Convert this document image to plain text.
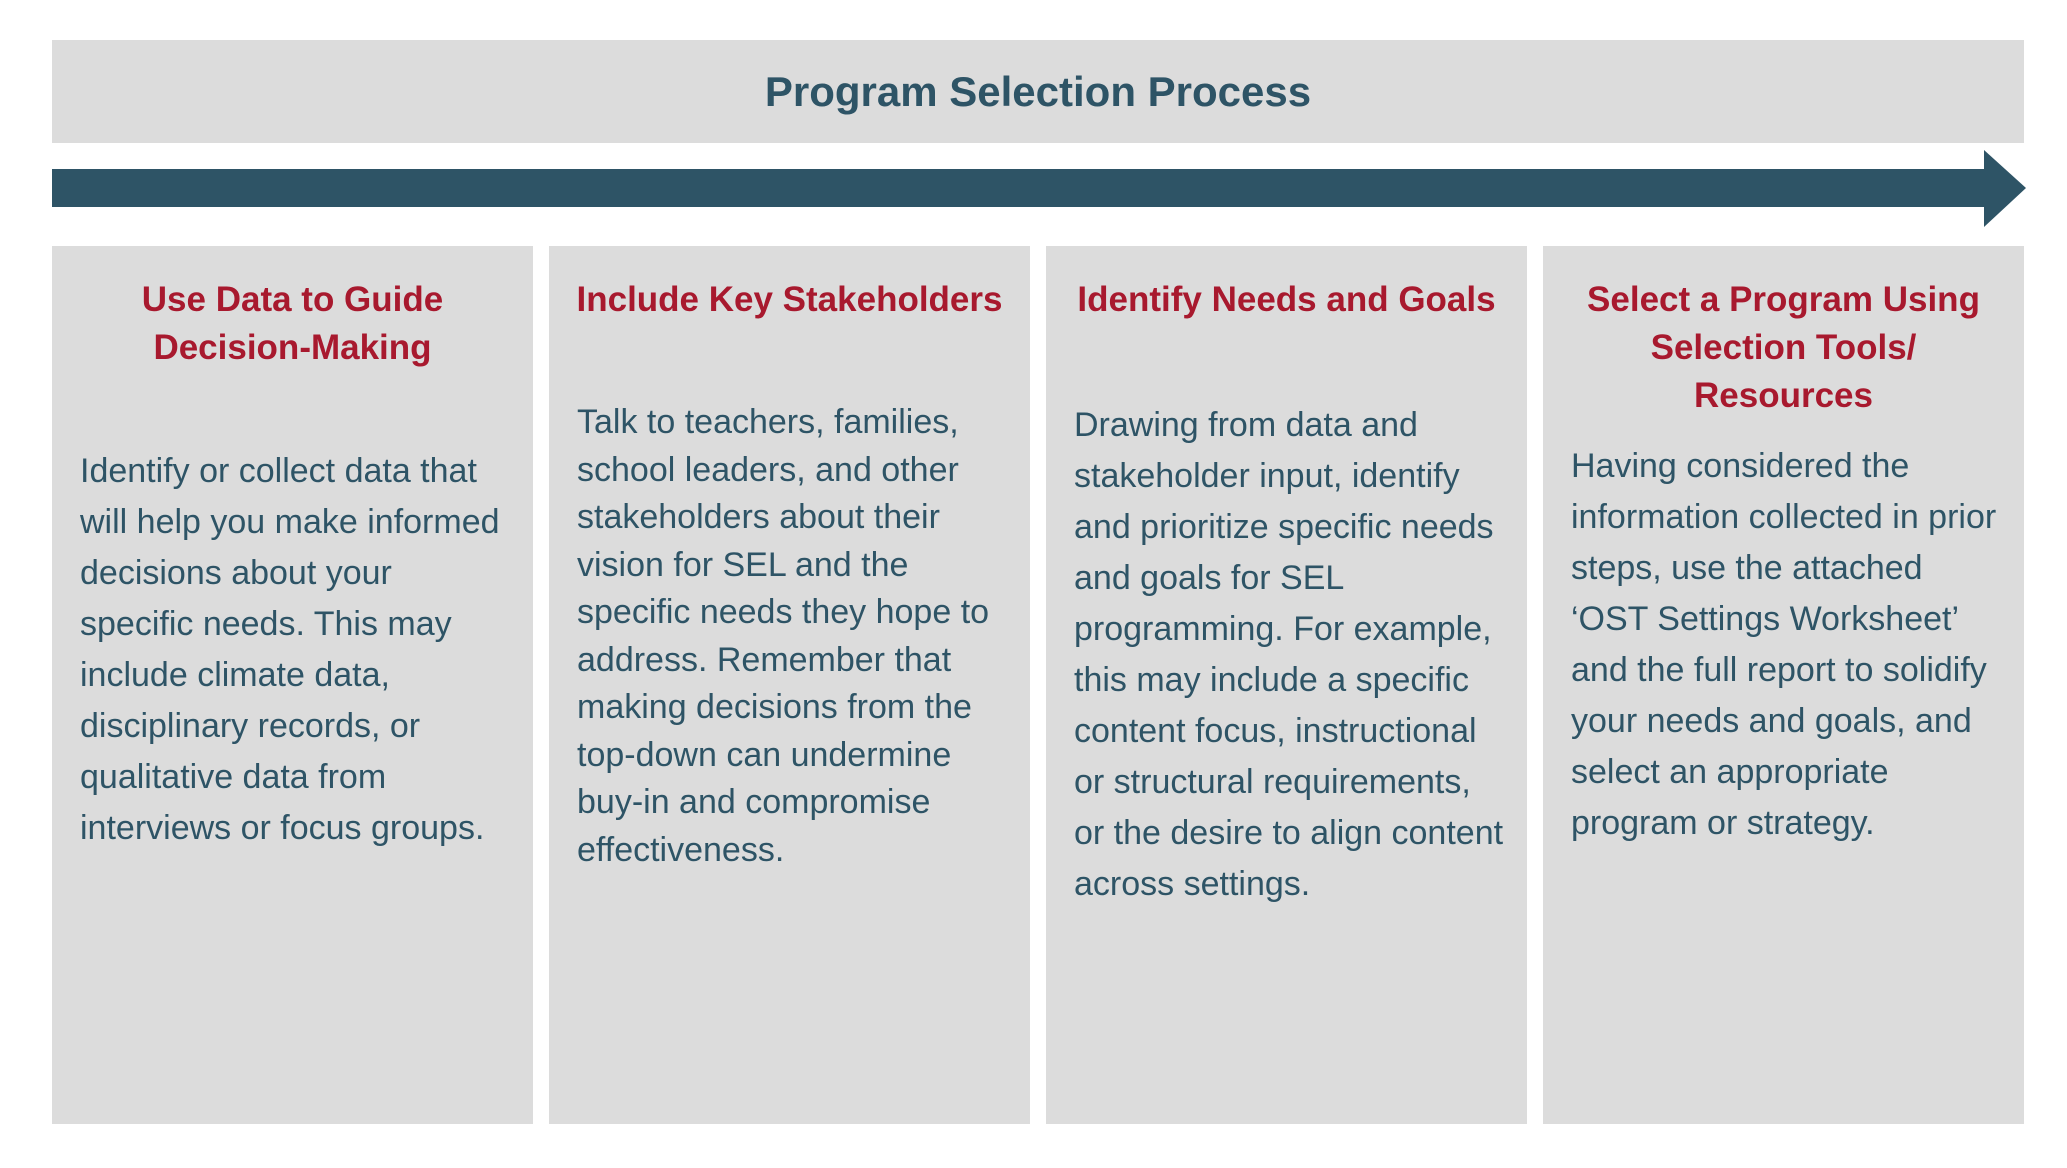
Program Selection Process
Use Data to Guide Decision-Making
Identify or collect data that will help you make informed decisions about your specific needs. This may include climate data, disciplinary records, or qualitative data from interviews or focus groups.
Include Key Stakeholders
Talk to teachers, families, school leaders, and other stakeholders about their vision for SEL and the specific needs they hope to address. Remember that making decisions from the top-down can undermine buy-in and compromise effectiveness.
Identify Needs and Goals
Drawing from data and stakeholder input, identify and prioritize specific needs and goals for SEL programming. For example, this may include a specific content focus, instructional or structural requirements, or the desire to align content across settings.
Select a Program Using Selection Tools/ Resources
Having considered the information collected in prior steps, use the attached ‘OST Settings Worksheet’ and the full report to solidify your needs and goals, and select an appropriate program or strategy.
